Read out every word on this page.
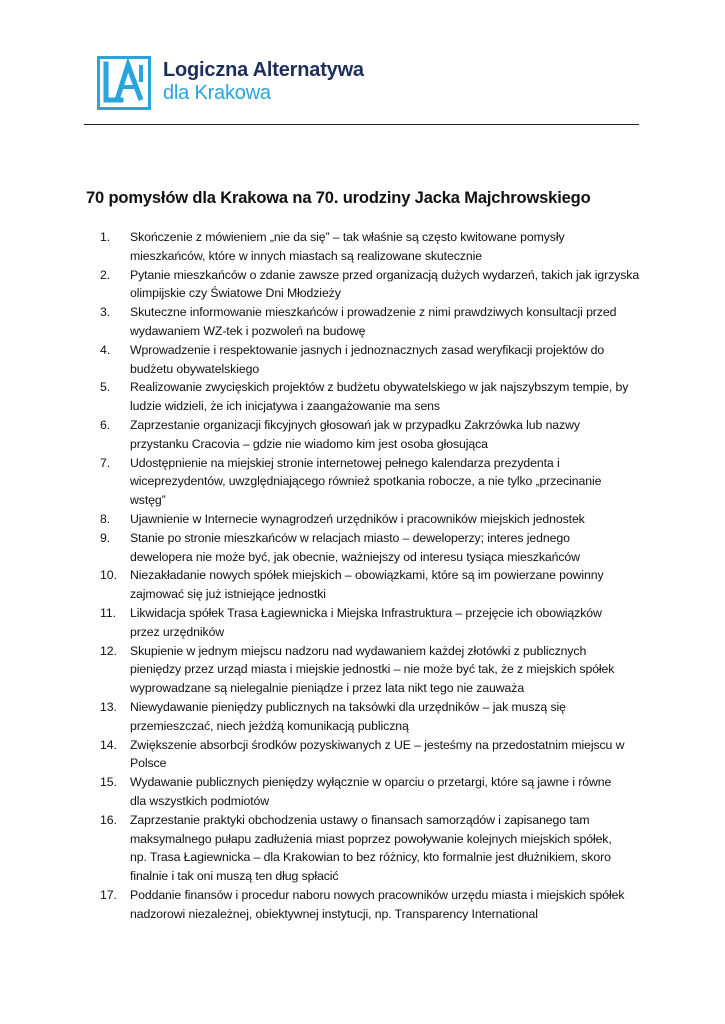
Logiczna Alternatywa
dla Krakowa
70 pomysłów dla Krakowa na 70. urodziny Jacka Majchrowskiego
1.	Skończenie z mówieniem „nie da się” – tak właśnie są często kwitowane pomysły
mieszkańców, które w innych miastach są realizowane skutecznie
2.	Pytanie mieszkańców o zdanie zawsze przed organizacją dużych wydarzeń, takich jak igrzyska
olimpijskie czy Światowe Dni Młodzieży
3.	Skuteczne informowanie mieszkańców i prowadzenie z nimi prawdziwych konsultacji przed
wydawaniem WZ-tek i pozwoleń na budowę
4.	Wprowadzenie i respektowanie jasnych i jednoznacznych zasad weryfikacji projektów do
budżetu obywatelskiego
5.	Realizowanie zwycięskich projektów z budżetu obywatelskiego w jak najszybszym tempie, by
ludzie widzieli, że ich inicjatywa i zaangażowanie ma sens
6.	Zaprzestanie organizacji fikcyjnych głosowań jak w przypadku Zakrzówka lub nazwy
przystanku Cracovia – gdzie nie wiadomo kim jest osoba głosująca
7.	Udostępnienie na miejskiej stronie internetowej pełnego kalendarza prezydenta i
wiceprezydentów, uwzględniającego również spotkania robocze, a nie tylko „przecinanie
wstęg”
8.	Ujawnienie w Internecie wynagrodzeń urzędników i pracowników miejskich jednostek
9.	Stanie po stronie mieszkańców w relacjach miasto – deweloperzy; interes jednego
dewelopera nie może być, jak obecnie, ważniejszy od interesu tysiąca mieszkańców
10.	Niezakładanie nowych spółek miejskich – obowiązkami, które są im powierzane powinny
zajmować się już istniejące jednostki
11.	Likwidacja spółek Trasa Łagiewnicka i Miejska Infrastruktura – przejęcie ich obowiązków
przez urzędników
12.	Skupienie w jednym miejscu nadzoru nad wydawaniem każdej złotówki z publicznych
pieniędzy przez urząd miasta i miejskie jednostki – nie może być tak, że z miejskich spółek
wyprowadzane są nielegalnie pieniądze i przez lata nikt tego nie zauważa
13.	Niewydawanie pieniędzy publicznych na taksówki dla urzędników – jak muszą się
przemieszczać, niech jeżdżą komunikacją publiczną
14.	Zwiększenie absorbcji środków pozyskiwanych z UE – jesteśmy na przedostatnim miejscu w
Polsce
15.	Wydawanie publicznych pieniędzy wyłącznie w oparciu o przetargi, które są jawne i równe
dla wszystkich podmiotów
16.	Zaprzestanie praktyki obchodzenia ustawy o finansach samorządów i zapisanego tam
maksymalnego pułapu zadłużenia miast poprzez powoływanie kolejnych miejskich spółek,
np. Trasa Łagiewnicka – dla Krakowian to bez różnicy, kto formalnie jest dłużnikiem, skoro
finalnie i tak oni muszą ten dług spłacić
17.	Poddanie finansów i procedur naboru nowych pracowników urzędu miasta i miejskich spółek
nadzorowi niezależnej, obiektywnej instytucji, np. Transparency International
